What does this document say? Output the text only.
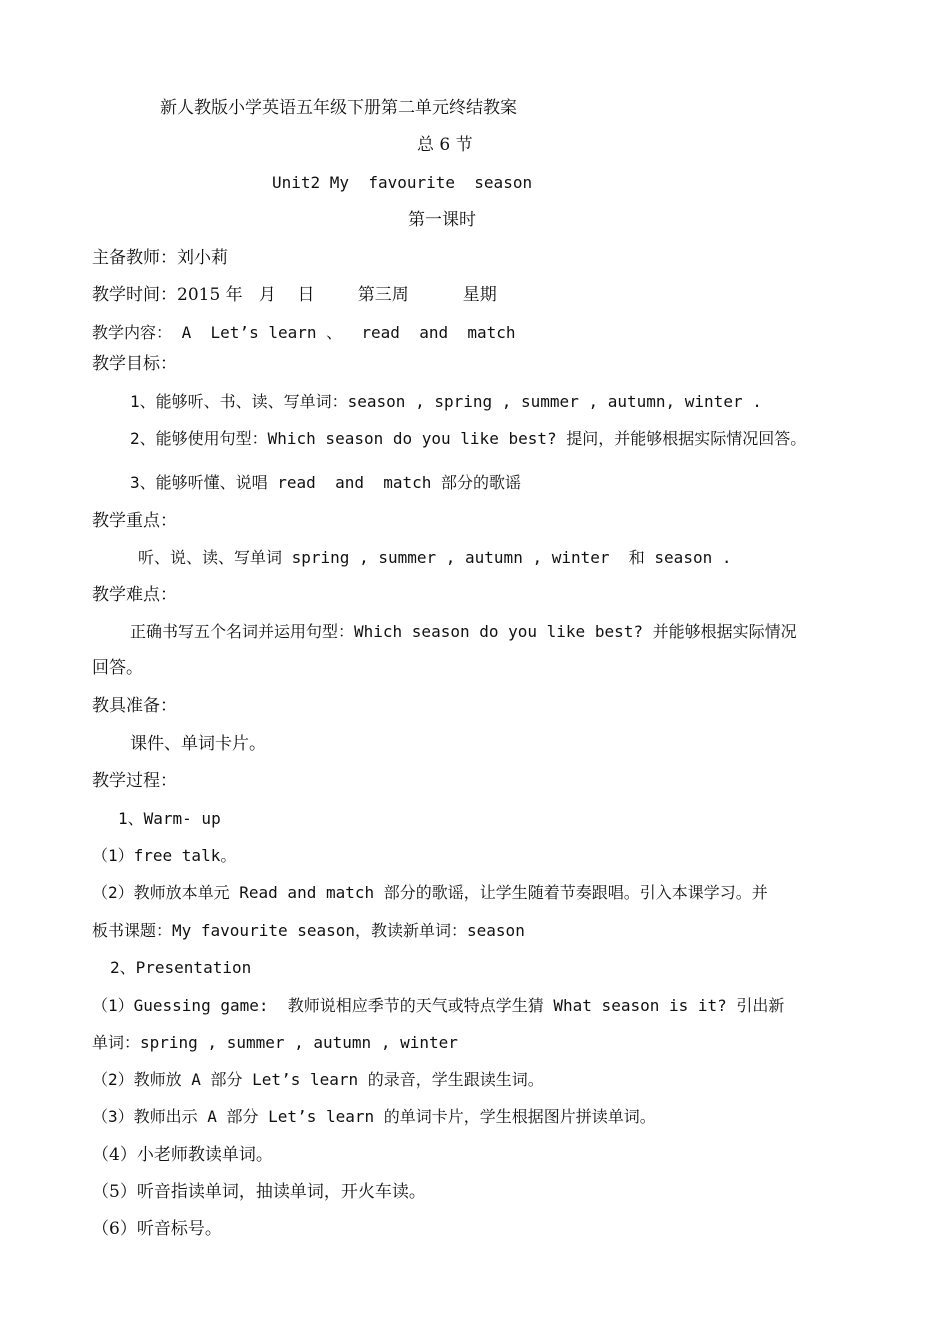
新人教版小学英语五年级下册第二单元终结教案
总 6 节
Unit2 My  favourite  season
第一课时
主备教师：刘小莉
教学时间：2015 年   月    日        第三周          星期
教学内容： A  Let’s learn 、  read  and  match
教学目标：
1、能够听、书、读、写单词：season , spring , summer , autumn, winter .
2、能够使用句型：Which season do you like best? 提问，并能够根据实际情况回答。
3、能够听懂、说唱 read  and  match 部分的歌谣
教学重点：
听、说、读、写单词 spring , summer , autumn , winter  和 season .
教学难点：
正确书写五个名词并运用句型：Which season do you like best? 并能够根据实际情况
回答。
教具准备：
课件、单词卡片。
教学过程：
1、Warm- up
（1）free talk。
（2）教师放本单元 Read and match 部分的歌谣，让学生随着节奏跟唱。引入本课学习。并
板书课题：My favourite season，教读新单词：season
2、Presentation
（1）Guessing game:  教师说相应季节的天气或特点学生猜 What season is it? 引出新
单词：spring , summer , autumn , winter
（2）教师放 A 部分 Let’s learn 的录音，学生跟读生词。
（3）教师出示 A 部分 Let’s learn 的单词卡片，学生根据图片拼读单词。
（4）小老师教读单词。
（5）听音指读单词，抽读单词，开火车读。
（6）听音标号。
